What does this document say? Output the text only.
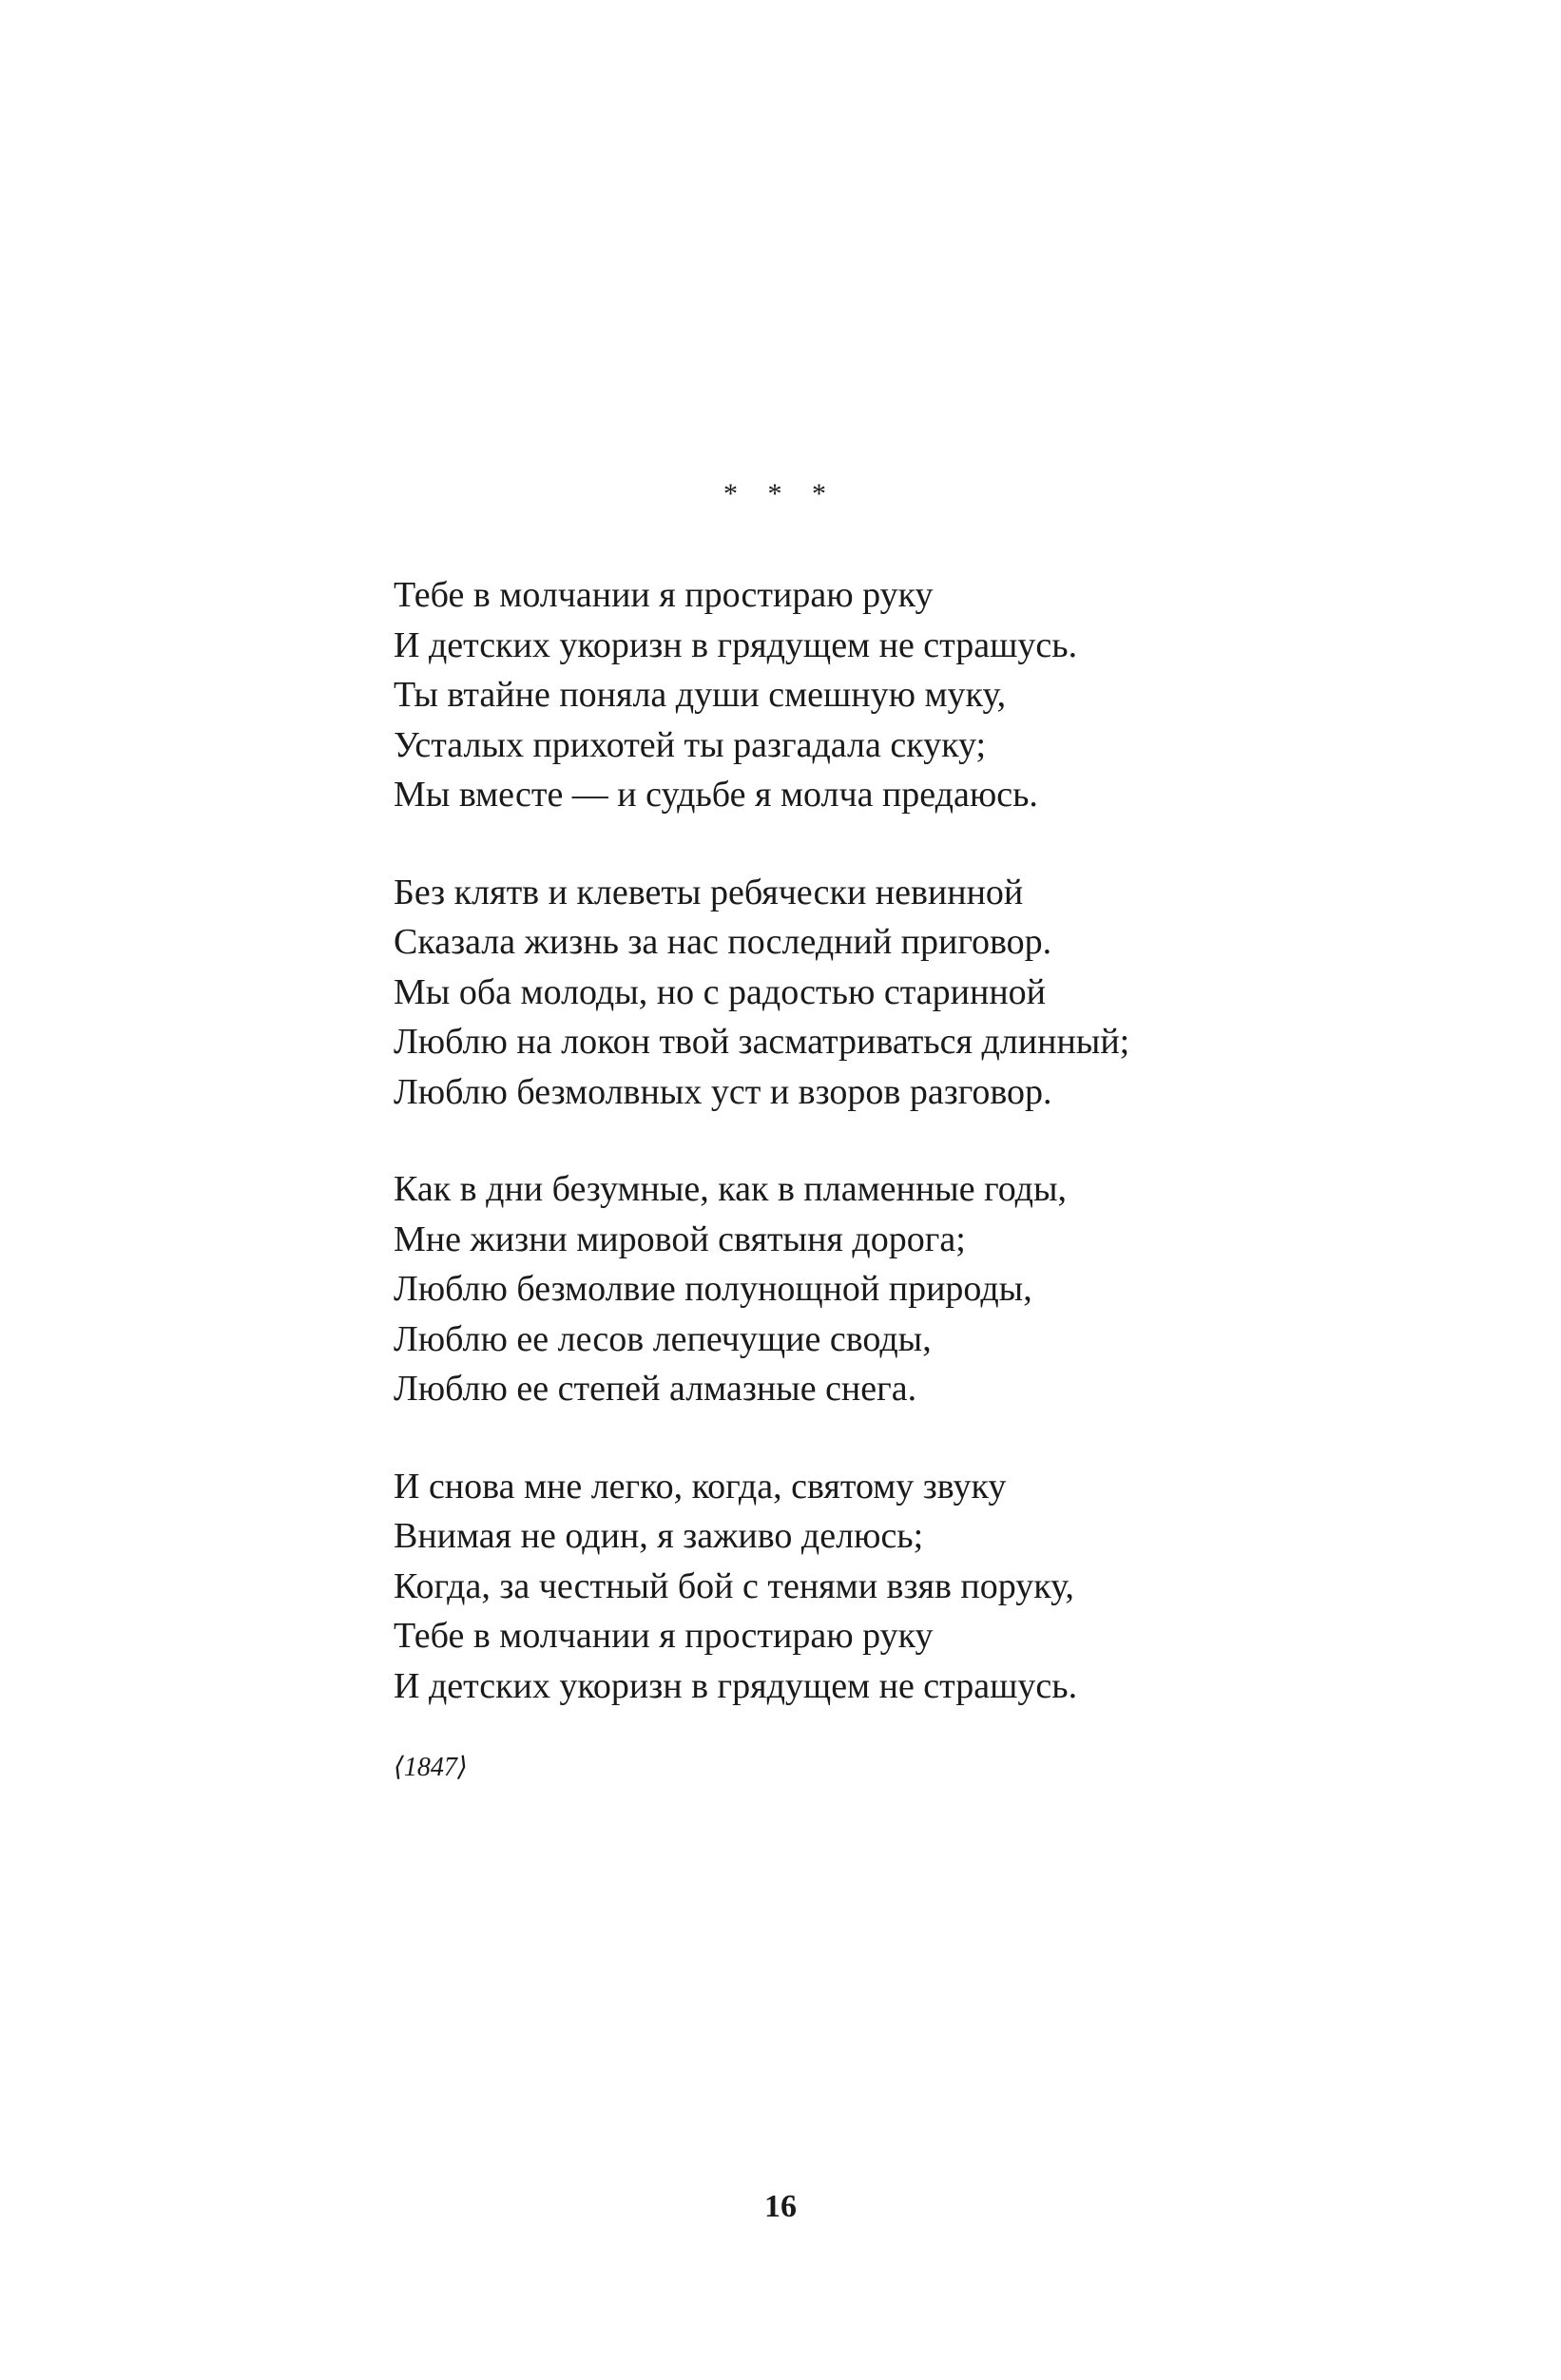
* * *
Тебе в молчании я простираю руку
И детских укоризн в грядущем не страшусь.
Ты втайне поняла души смешную муку,
Усталых прихотей ты разгадала скуку;
Мы вместе — и судьбе я молча предаюсь.
Без клятв и клеветы ребячески невинной
Сказала жизнь за нас последний приговор.
Мы оба молоды, но с радостью старинной
Люблю на локон твой засматриваться длинный;
Люблю безмолвных уст и взоров разговор.
Как в дни безумные, как в пламенные годы,
Мне жизни мировой святыня дорога;
Люблю безмолвие полунощной природы,
Люблю ее лесов лепечущие своды,
Люблю ее степей алмазные снега.
И снова мне легко, когда, святому звуку
Внимая не один, я заживо делюсь;
Когда, за честный бой с тенями взяв поруку,
Тебе в молчании я простираю руку
И детских укоризн в грядущем не страшусь.
⟨1847⟩
16
